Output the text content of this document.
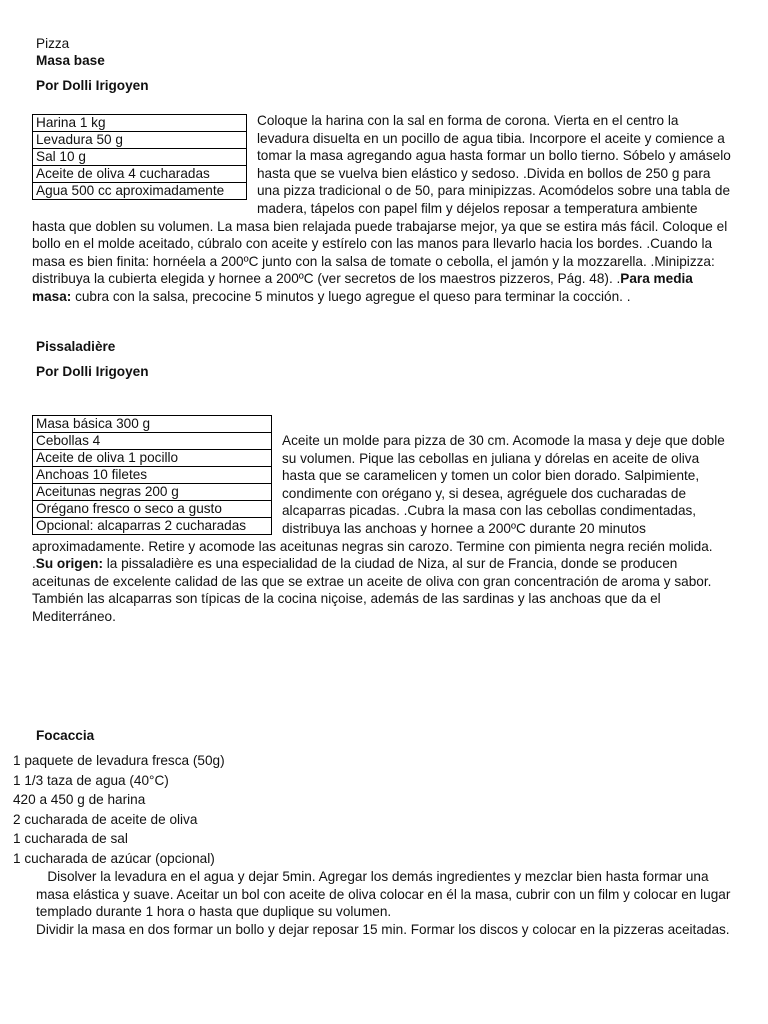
Pizza
Masa base
Por Dolli Irigoyen
Harina 1 kg
Levadura 50 g
Sal 10 g
Aceite de oliva 4 cucharadas
Agua 500 cc aproximadamente

Coloque la harina con la sal en forma de corona. Vierta en el centro la levadura disuelta en un pocillo de agua tibia. Incorpore el aceite y comience a tomar la masa agregando agua hasta formar un bollo tierno. Sóbelo y amáselo hasta que se vuelva bien elástico y sedoso. .Divida en bollos de 250 g para una pizza tradicional o de 50, para minipizzas. Acomódelos sobre una tabla de madera, tápelos con papel film y déjelos reposar a temperatura ambiente hasta que doblen su volumen. La masa bien relajada puede trabajarse mejor, ya que se estira más fácil. Coloque el bollo en el molde aceitado, cúbralo con aceite y estírelo con las manos para llevarlo hacia los bordes. .Cuando la masa es bien finita: hornéela a 200ºC junto con la salsa de tomate o cebolla, el jamón y la mozzarella. .Minipizza: distribuya la cubierta elegida y hornee a 200ºC (ver secretos de los maestros pizzeros, Pág. 48). .Para media masa: cubra con la salsa, precocine 5 minutos y luego agregue el queso para terminar la cocción. .

Pissaladière
Por Dolli Irigoyen
Masa básica 300 g
Cebollas 4
Aceite de oliva 1 pocillo
Anchoas 10 filetes
Aceitunas negras 200 g
Orégano fresco o seco a gusto
Opcional: alcaparras 2 cucharadas

Aceite un molde para pizza de 30 cm. Acomode la masa y deje que doble su volumen. Pique las cebollas en juliana y dórelas en aceite de oliva hasta que se caramelicen y tomen un color bien dorado. Salpimiente, condimente con orégano y, si desea, agréguele dos cucharadas de alcaparras picadas. .Cubra la masa con las cebollas condimentadas, distribuya las anchoas y hornee a 200ºC durante 20 minutos aproximadamente. Retire y acomode las aceitunas negras sin carozo. Termine con pimienta negra recién molida. .Su origen: la pissaladière es una especialidad de la ciudad de Niza, al sur de Francia, donde se producen aceitunas de excelente calidad de las que se extrae un aceite de oliva con gran concentración de aroma y sabor. También las alcaparras son típicas de la cocina niçoise, además de las sardinas y las anchoas que da el Mediterráneo.

Focaccia
1 paquete de levadura fresca (50g)
1 1/3 taza de agua (40°C)
420 a 450 g de harina
2 cucharada de aceite de oliva
1 cucharada de sal
1 cucharada de azúcar (opcional)

Disolver la levadura en el agua y dejar 5min. Agregar los demás ingredientes y mezclar bien hasta formar una masa elástica y suave. Aceitar un bol con aceite de oliva colocar en él la masa, cubrir con un film y colocar en lugar templado durante 1 hora o hasta que duplique su volumen.

Dividir la masa en dos formar un bollo y dejar reposar 15 min. Formar los discos y colocar en la pizzeras aceitadas.
